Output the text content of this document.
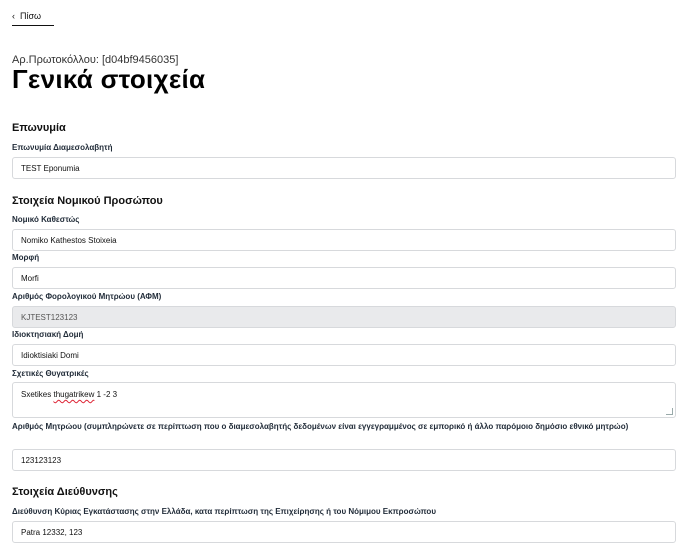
‹ Πίσω
Αρ.Πρωτοκόλλου: [d04bf9456035]
Γενικά στοιχεία
Επωνυμία
Επωνυμία Διαμεσολαβητή
TEST Eponumia
Στοιχεία Νομικού Προσώπου
Νομικό Καθεστώς
Nomiko Kathestos Stoixeia
Μορφή
Morfi
Αριθμός Φορολογικού Μητρώου (ΑΦΜ)
KJTEST123123
Ιδιοκτησιακή Δομή
Idioktisiaki Domi
Σχετικές Θυγατρικές
Sxetikes thugatrikew 1 -2 3
Αριθμός Μητρώου (συμπληρώνετε σε περίπτωση που ο διαμεσολαβητής δεδομένων είναι εγγεγραμμένος σε εμπορικό ή άλλο παρόμοιο δημόσιο εθνικό μητρώο)
123123123
Στοιχεία Διεύθυνσης
Διεύθυνση Κύριας Εγκατάστασης στην Ελλάδα, κατα περίπτωση της Επιχείρησης ή του Νόμιμου Εκπροσώπου
Patra 12332, 123
